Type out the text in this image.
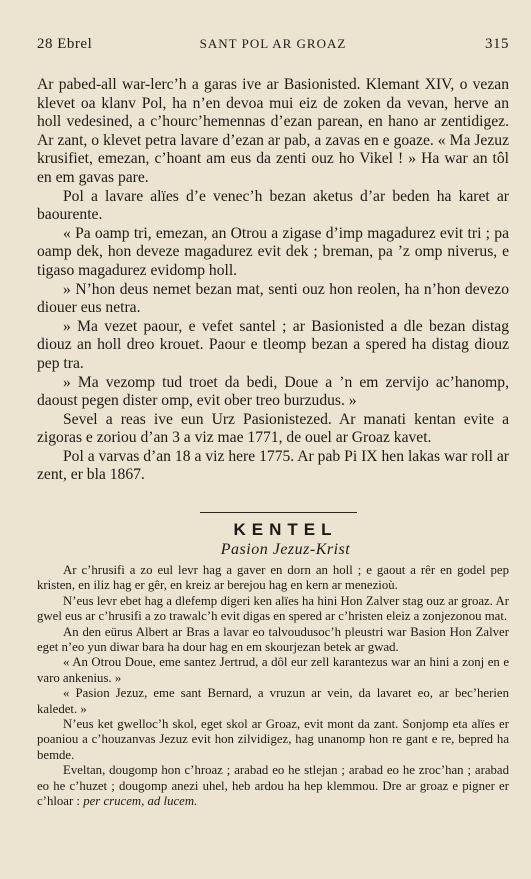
28 Ebrel	SANT POL AR GROAZ	315

Ar pabed-all war-lerc’h a garas ive ar Basionisted. Klemant XIV, o vezan klevet oa klanv Pol, ha n’en devoa mui eiz de zoken da vevan, herve an holl vedesined, a c’hourc’hemennas d’ezan parean, en hano ar zentidigez. Ar zant, o klevet petra lavare d’ezan ar pab, a zavas en e goaze. « Ma Jezuz krusifiet, emezan, c’hoant am eus da zenti ouz ho Vikel ! » Ha war an tôl en em gavas pare.

Pol a lavare alïes d’e venec’h bezan aketus d’ar beden ha karet ar baourente.

« Pa oamp tri, emezan, an Otrou a zigase d’imp magadurez evit tri ; pa oamp dek, hon deveze magadurez evit dek ; breman, pa ’z omp niverus, e tigaso magadurez evidomp holl.

» N’hon deus nemet bezan mat, senti ouz hon reolen, ha n’hon devezo diouer eus netra.

» Ma vezet paour, e vefet santel ; ar Basionisted a dle bezan distag diouz an holl dreo krouet. Paour e tleomp bezan a spered ha distag diouz pep tra.

» Ma vezomp tud troet da bedi, Doue a ’n em zervijo ac’hanomp, daoust pegen dister omp, evit ober treo burzudus. »

Sevel a reas ive eun Urz Pasionistezed. Ar manati kentan evite a zigoras e zoriou d’an 3 a viz mae 1771, de ouel ar Groaz kavet.

Pol a varvas d’an 18 a viz here 1775. Ar pab Pi IX hen lakas war roll ar zent, er bla 1867.

KENTEL
Pasion Jezuz-Krist

Ar c’hrusifi a zo eul levr hag a gaver en dorn an holl ; e gaout a rêr en godel pep kristen, en iliz hag er gêr, en kreiz ar berejou hag en kern ar menezioù.

N’eus levr ebet hag a dlefemp digeri ken alïes ha hini Hon Zalver stag ouz ar groaz. Ar gwel eus ar c’hrusifi a zo trawalc’h evit digas en spered ar c’hristen eleiz a zonjezonou mat.

An den eürus Albert ar Bras a lavar eo talvoudusoc’h pleustri war Basion Hon Zalver eget n’eo yun diwar bara ha dour hag en em skourjezan betek ar gwad.

« An Otrou Doue, eme santez Jertrud, a dôl eur zell karantezus war an hini a zonj en e varo ankenius. »

« Pasion Jezuz, eme sant Bernard, a vruzun ar vein, da lavaret eo, ar bec’herien kaledet. »

N’eus ket gwelloc’h skol, eget skol ar Groaz, evit mont da zant. Sonjomp eta alïes er poaniou a c’houzanvas Jezuz evit hon zilvidigez, hag unanomp hon re gant e re, bepred ha bemde.

Eveltan, dougomp hon c’hroaz ; arabad eo he stlejan ; arabad eo he zroc’han ; arabad eo he c’huzet ; dougomp anezi uhel, heb ardou ha hep klemmou. Dre ar groaz e pigner er c’hloar : per crucem, ad lucem.
